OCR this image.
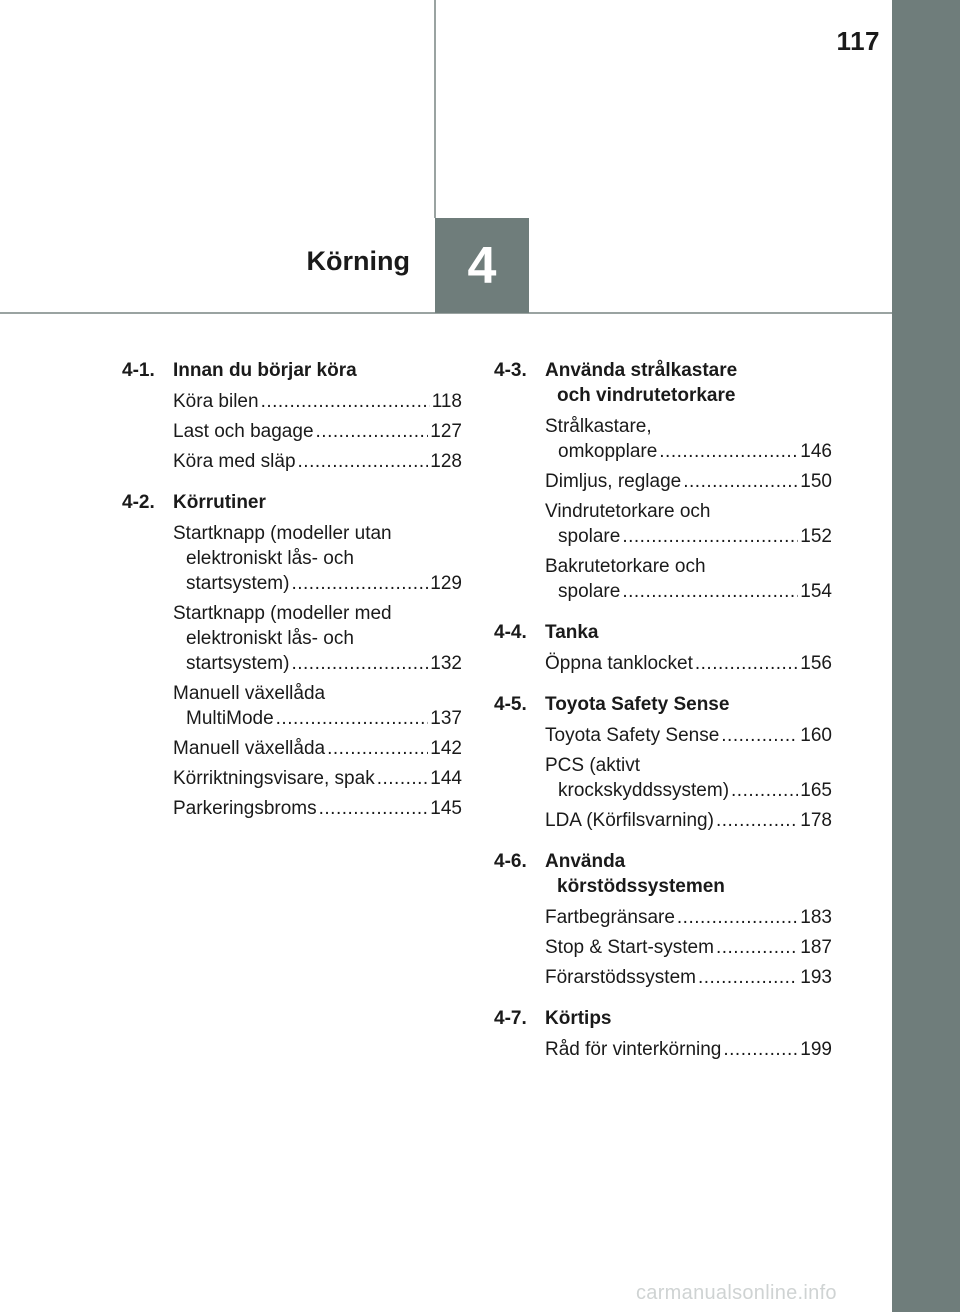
117
4
Körning
4-1. Innan du börjar köra
Köra bilen .....	118
Last och bagage .....	127
Köra med släp .....	128
4-2. Körrutiner
Startknapp (modeller utan
elektroniskt lås- och
startsystem) .....	129
Startknapp (modeller med
elektroniskt lås- och
startsystem) .....	132
Manuell växellåda
MultiMode .....	137
Manuell växellåda .....	142
Körriktningsvisare, spak .....	144
Parkeringsbroms .....	145
4-3. Använda strålkastare
och vindrutetorkare
Strålkastare,
omkopplare .....	146
Dimljus, reglage .....	150
Vindrutetorkare och
spolare .....	152
Bakrutetorkare och
spolare .....	154
4-4. Tanka
Öppna tanklocket .....	156
4-5. Toyota Safety Sense
Toyota Safety Sense .....	160
PCS (aktivt
krockskyddssystem) .....	165
LDA (Körfilsvarning) .....	178
4-6. Använda
körstödssystemen
Fartbegränsare .....	183
Stop & Start-system .....	187
Förarstödssystem .....	193
4-7. Körtips
Råd för vinterkörning .....	199
carmanualsonline.info
